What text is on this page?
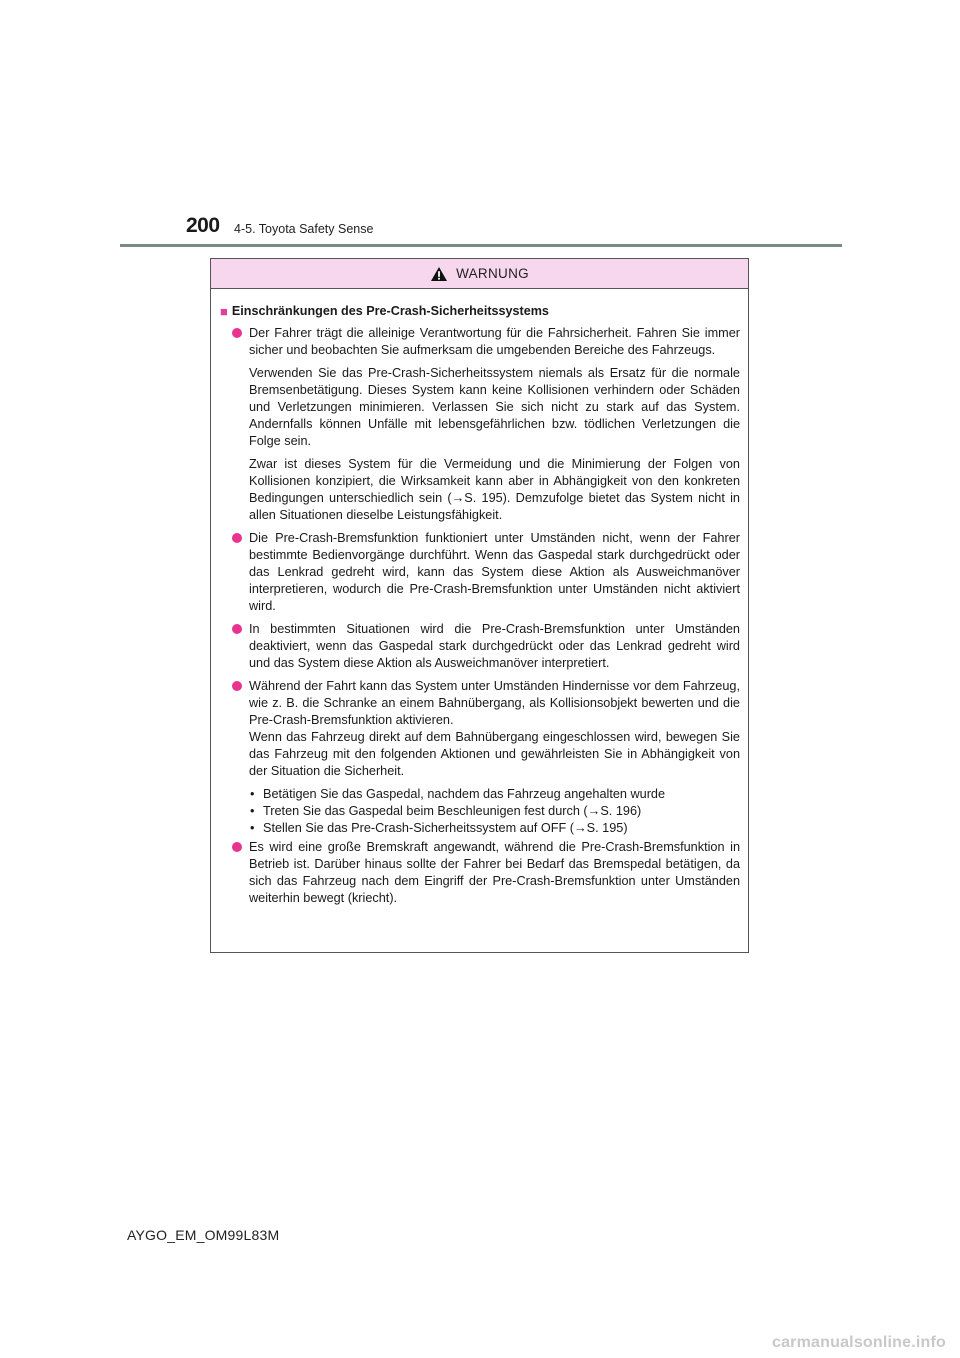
200 4-5. Toyota Safety Sense
WARNUNG
■ Einschränkungen des Pre-Crash-Sicherheitssystems

Der Fahrer trägt die alleinige Verantwortung für die Fahrsicherheit. Fahren Sie immer sicher und beobachten Sie aufmerksam die umgebenden Bereiche des Fahrzeugs.

Verwenden Sie das Pre-Crash-Sicherheitssystem niemals als Ersatz für die normale Bremsenbetätigung. Dieses System kann keine Kollisionen verhindern oder Schäden und Verletzungen minimieren. Verlassen Sie sich nicht zu stark auf das System. Andernfalls können Unfälle mit lebensgefährlichen bzw. tödlichen Verletzungen die Folge sein.

Zwar ist dieses System für die Vermeidung und die Minimierung der Folgen von Kollisionen konzipiert, die Wirksamkeit kann aber in Abhängigkeit von den konkreten Bedingungen unterschiedlich sein (→S. 195). Demzufolge bietet das System nicht in allen Situationen dieselbe Leistungsfähigkeit.

Die Pre-Crash-Bremsfunktion funktioniert unter Umständen nicht, wenn der Fahrer bestimmte Bedienvorgänge durchführt. Wenn das Gaspedal stark durchgedrückt oder das Lenkrad gedreht wird, kann das System diese Aktion als Ausweichmanöver interpretieren, wodurch die Pre-Crash-Bremsfunktion unter Umständen nicht aktiviert wird.

In bestimmten Situationen wird die Pre-Crash-Bremsfunktion unter Umständen deaktiviert, wenn das Gaspedal stark durchgedrückt oder das Lenkrad gedreht wird und das System diese Aktion als Ausweichmanöver interpretiert.

Während der Fahrt kann das System unter Umständen Hindernisse vor dem Fahrzeug, wie z. B. die Schranke an einem Bahnübergang, als Kollisionsobjekt bewerten und die Pre-Crash-Bremsfunktion aktivieren.

Wenn das Fahrzeug direkt auf dem Bahnübergang eingeschlossen wird, bewegen Sie das Fahrzeug mit den folgenden Aktionen und gewährleisten Sie in Abhängigkeit von der Situation die Sicherheit.

• Betätigen Sie das Gaspedal, nachdem das Fahrzeug angehalten wurde
• Treten Sie das Gaspedal beim Beschleunigen fest durch (→S. 196)
• Stellen Sie das Pre-Crash-Sicherheitssystem auf OFF (→S. 195)

Es wird eine große Bremskraft angewandt, während die Pre-Crash-Bremsfunktion in Betrieb ist. Darüber hinaus sollte der Fahrer bei Bedarf das Bremspedal betätigen, da sich das Fahrzeug nach dem Eingriff der Pre-Crash-Bremsfunktion unter Umständen weiterhin bewegt (kriecht).

AYGO_EM_OM99L83M
carmanualsonline.info
